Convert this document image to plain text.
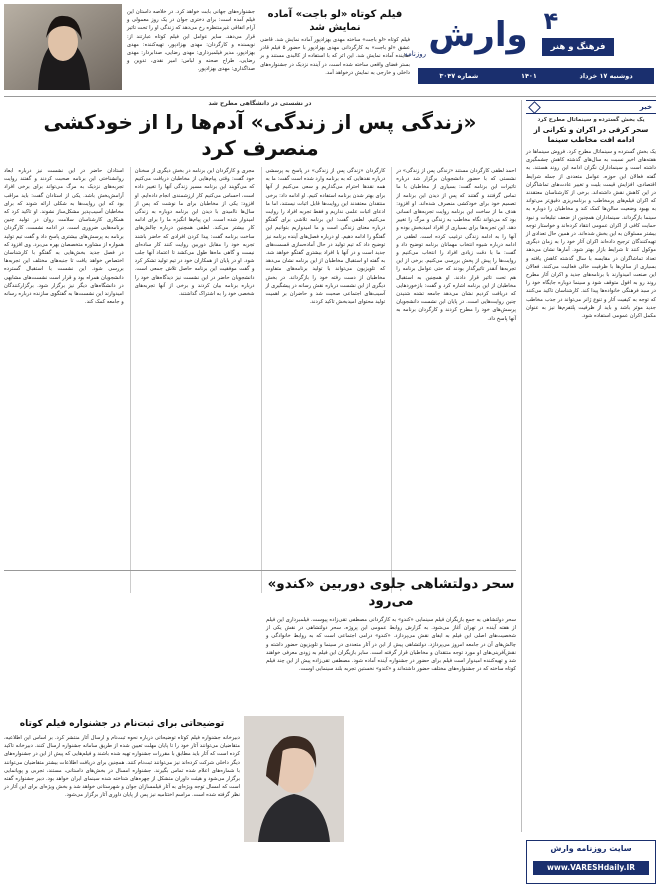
وارش
روزنامه
۴
فرهنگ و هنر
دوشنبه ۱۷ خرداد
۱۴۰۱
شماره ۳۰۴۷
فیلم کوتاه «لو باجت» آماده نمایش شد
فیلم کوتاه «لو باجت» ساخته مهدی بهزادپور آماده نمایش شد. قاضی عشق «لو باجت» به کارگردانی مهدی بهزادپور با حضور ۵ فیلم قادر نماینده آماده نمایش شد. این اثر که با استفاده از کالبدی مستند و بر بستر فضای واقعی ساخته شده است، در آینده نزدیک در جشنواره‌های داخلی و خارجی به نمایش درخواهد آمد.
جشنواره‌های جهانی بابت خواهد کرد. در خلاصه داستان این فیلم آمده است: برای دختری جوان در یک روز معمولی و آرام اتفاقی غیرمنتظره رخ می‌دهد که زندگی او را تحت تاثیر قرار می‌دهد. سایر عوامل این فیلم کوتاه عبارتند از: نویسنده و کارگردان: مهدی بهزادپور، تهیه‌کننده: مهدی بهزادپور، مدیر فیلمبرداری: مهدی رضایی، صدابردار: مهدی رضایی، طراح صحنه و لباس: امیر نقدی، تدوین و صداگذاری: مهدی بهزادپور.
خبر
یک بخش گسترده و سینماتال مطرح کرد
سحر کرفی در اکران و تکرانی از ادامه افت مخاطب سینما
یک بخش گسترده و سینماتال مطرح کرد. فروش سینماها در هفته‌های اخیر نسبت به سال‌های گذشته کاهش چشمگیری داشته است و سینماداران نگران ادامه این روند هستند. به گفته فعالان این حوزه، عوامل متعددی از جمله شرایط اقتصادی، افزایش قیمت بلیت و تغییر عادت‌های تماشاگران در این کاهش نقش داشته‌اند. برخی از کارشناسان معتقدند که اکران فیلم‌های پرمخاطب و برنامه‌ریزی دقیق‌تر می‌تواند به بهبود وضعیت سالن‌ها کمک کند و مخاطبان را دوباره به سینما بازگرداند. سینماداران همچنین از ضعف تبلیغات و نبود حمایت کافی از اکران عمومی انتقاد کرده‌اند و خواستار توجه بیشتر مسئولان به این بخش شده‌اند. در همین حال تعدادی از تهیه‌کنندگان ترجیح داده‌اند اکران آثار خود را به زمان دیگری موکول کنند تا شرایط بازار بهتر شود. آمارها نشان می‌دهد تعداد تماشاگران در مقایسه با سال گذشته کاهش یافته و بسیاری از سالن‌ها با ظرفیت خالی فعالیت می‌کنند. فعالان این صنعت امیدوارند با برنامه‌های جدید و اکران آثار مطرح روند رو به افول متوقف شود و سینما دوباره جایگاه خود را در سبد فرهنگی خانواده‌ها پیدا کند. کارشناسان تاکید می‌کنند که توجه به کیفیت آثار و تنوع ژانر می‌تواند در جذب مخاطب جدید موثر باشد و باید از ظرفیت پلتفرم‌ها نیز به عنوان مکمل اکران عمومی استفاده شود.
سایت روزنامه وارش
www.VARESHdaily.IR
در نشستی در دانشگاهی مطرح شد
«زندگی پس از زندگی» آدم‌ها را از خودکشی منصرف کرد
احمد لطفی کارگردان مستند «زندگی پس از زندگی» در نشستی که با حضور دانشجویان برگزار شد درباره تاثیرات این برنامه گفت: بسیاری از مخاطبان با ما تماس گرفتند و گفتند که پس از دیدن این برنامه از تصمیم خود برای خودکشی منصرف شده‌اند. او افزود: هدف ما از ساخت این برنامه روایت تجربه‌های انسانی بود که می‌تواند نگاه مخاطب به زندگی و مرگ را تغییر دهد. این تجربه‌ها برای بسیاری از افراد امیدبخش بوده و آنها را به ادامه زندگی ترغیب کرده است. لطفی در ادامه درباره شیوه انتخاب مهمانان برنامه توضیح داد و گفت: ما با دقت زیادی افراد را انتخاب می‌کنیم و روایت‌ها را پیش از پخش بررسی می‌کنیم. برخی از این تجربه‌ها آنقدر تاثیرگذار بودند که حتی عوامل برنامه را هم تحت تاثیر قرار دادند. او همچنین به استقبال مخاطبان از این برنامه اشاره کرد و گفت: بازخوردهایی که دریافت کردیم نشان می‌دهد جامعه تشنه شنیدن چنین روایت‌هایی است. در پایان این نشست دانشجویان پرسش‌های خود را مطرح کردند و کارگردان برنامه به آنها پاسخ داد.
کارگردان «زندگی پس از زندگی» در پاسخ به پرسشی درباره نقدهایی که به برنامه وارد شده است گفت: ما به همه نقدها احترام می‌گذاریم و سعی می‌کنیم از آنها برای بهتر شدن برنامه استفاده کنیم. او ادامه داد: برخی منتقدان معتقدند این روایت‌ها قابل اثبات نیستند، اما ما ادعای اثبات علمی نداریم و فقط تجربه افراد را روایت می‌کنیم. لطفی گفت: این برنامه تلاشی برای گفتگو درباره معنای زندگی است و ما امیدواریم بتوانیم این گفتگو را ادامه دهیم. او درباره فصل‌های آینده برنامه نیز توضیح داد که تیم تولید در حال آماده‌سازی قسمت‌های جدید است و در آنها با افراد بیشتری گفتگو خواهد شد. به گفته او استقبال مخاطبان از این برنامه نشان می‌دهد که تلویزیون می‌تواند با تولید برنامه‌های متفاوت مخاطبان از دست رفته خود را بازگرداند. در بخش دیگری از این نشست درباره نقش رسانه در پیشگیری از آسیب‌های اجتماعی صحبت شد و حاضران بر اهمیت تولید محتوای امیدبخش تاکید کردند.
مجری و کارگردان این برنامه در بخش دیگری از سخنان خود گفت: وقتی پیام‌هایی از مخاطبان دریافت می‌کنیم که می‌گویند این برنامه مسیر زندگی آنها را تغییر داده است، احساس می‌کنیم کار ارزشمندی انجام داده‌ایم. او افزود: یکی از مخاطبان برای ما نوشت که پس از سال‌ها ناامیدی با دیدن این برنامه دوباره به زندگی امیدوار شده است. این پیام‌ها انگیزه ما را برای ادامه کار بیشتر می‌کند. لطفی همچنین درباره چالش‌های ساخت برنامه گفت: پیدا کردن افرادی که حاضر باشند تجربه خود را مقابل دوربین روایت کنند کار ساده‌ای نیست و گاهی ماه‌ها طول می‌کشد تا اعتماد آنها جلب شود. او در پایان از همکاران خود در تیم تولید تشکر کرد و گفت موفقیت این برنامه حاصل تلاش جمعی است. دانشجویان حاضر در این نشست نیز دیدگاه‌های خود را درباره برنامه بیان کردند و برخی از آنها تجربه‌های شخصی خود را به اشتراک گذاشتند.
استادان حاضر در این نشست نیز درباره ابعاد روانشناختی این برنامه صحبت کردند و گفتند روایت تجربه‌های نزدیک به مرگ می‌تواند برای برخی افراد آرامش‌بخش باشد. یکی از استادان گفت: باید مراقب بود که این روایت‌ها به شکلی ارائه شوند که برای مخاطبان آسیب‌پذیر مشکل‌ساز نشوند. او تاکید کرد که همکاری کارشناسان سلامت روان در تولید چنین برنامه‌هایی ضروری است. در ادامه نشست، کارگردان برنامه به پرسش‌های بیشتری پاسخ داد و گفت تیم تولید همواره از مشاوره متخصصان بهره می‌برد. وی افزود که در فصل جدید بخش‌هایی به گفتگو با کارشناسان اختصاص خواهد یافت تا جنبه‌های مختلف این تجربه‌ها بررسی شود. این نشست با استقبال گسترده دانشجویان همراه بود و قرار است نشست‌های مشابهی در دانشگاه‌های دیگر نیز برگزار شود. برگزارکنندگان امیدوارند این نشست‌ها به گفتگوی سازنده درباره رسانه و جامعه کمک کند.
سحر دولتشاهی جلوی دوربین «کندو» می‌رود
سحر دولتشاهی به جمع بازیگران فیلم سینمایی «کندو» به کارگردانی مصطفی تقی‌زاده پیوست. فیلمبرداری این فیلم از هفته آینده در تهران آغاز می‌شود. به گزارش روابط عمومی این پروژه، سحر دولتشاهی در نقش یکی از شخصیت‌های اصلی این فیلم به ایفای نقش می‌پردازد. «کندو» درامی اجتماعی است که به روابط خانوادگی و چالش‌های آن در جامعه امروز می‌پردازد. دولتشاهی پیش از این در آثار متعددی در سینما و تلویزیون حضور داشته و نقش‌آفرینی‌های او مورد توجه منتقدان و مخاطبان قرار گرفته است. سایر بازیگران این فیلم به زودی معرفی خواهند شد و تهیه‌کننده امیدوار است فیلم برای حضور در جشنواره آینده آماده شود. مصطفی تقی‌زاده پیش از این چند فیلم کوتاه ساخته که در جشنواره‌های مختلف حضور داشته‌اند و «کندو» نخستین تجربه بلند سینمایی اوست.
توضیحاتی برای ثبت‌نام در جشنواره فیلم کوتاه
دبیرخانه جشنواره فیلم کوتاه توضیحاتی درباره نحوه ثبت‌نام و ارسال آثار منتشر کرد. بر اساس این اطلاعیه، متقاضیان می‌توانند آثار خود را تا پایان مهلت تعیین شده از طریق سامانه جشنواره ارسال کنند. دبیرخانه تاکید کرده است که آثار باید مطابق با مقررات جشنواره تهیه شده باشند و فیلم‌هایی که پیش از این در جشنواره‌های دیگر داخلی شرکت کرده‌اند نیز می‌توانند ثبت‌نام کنند. همچنین برای دریافت اطلاعات بیشتر متقاضیان می‌توانند با شماره‌های اعلام شده تماس بگیرند. جشنواره امسال در بخش‌های داستانی، مستند، تجربی و پویانمایی برگزار می‌شود و هیئت داوران متشکل از چهره‌های شناخته شده سینمای ایران خواهد بود. دبیر جشنواره گفته است که امسال توجه ویژه‌ای به آثار فیلمسازان جوان و شهرستانی خواهد شد و بخش ویژه‌ای برای این آثار در نظر گرفته شده است. مراسم اختتامیه نیز پس از پایان داوری آثار برگزار می‌شود.
